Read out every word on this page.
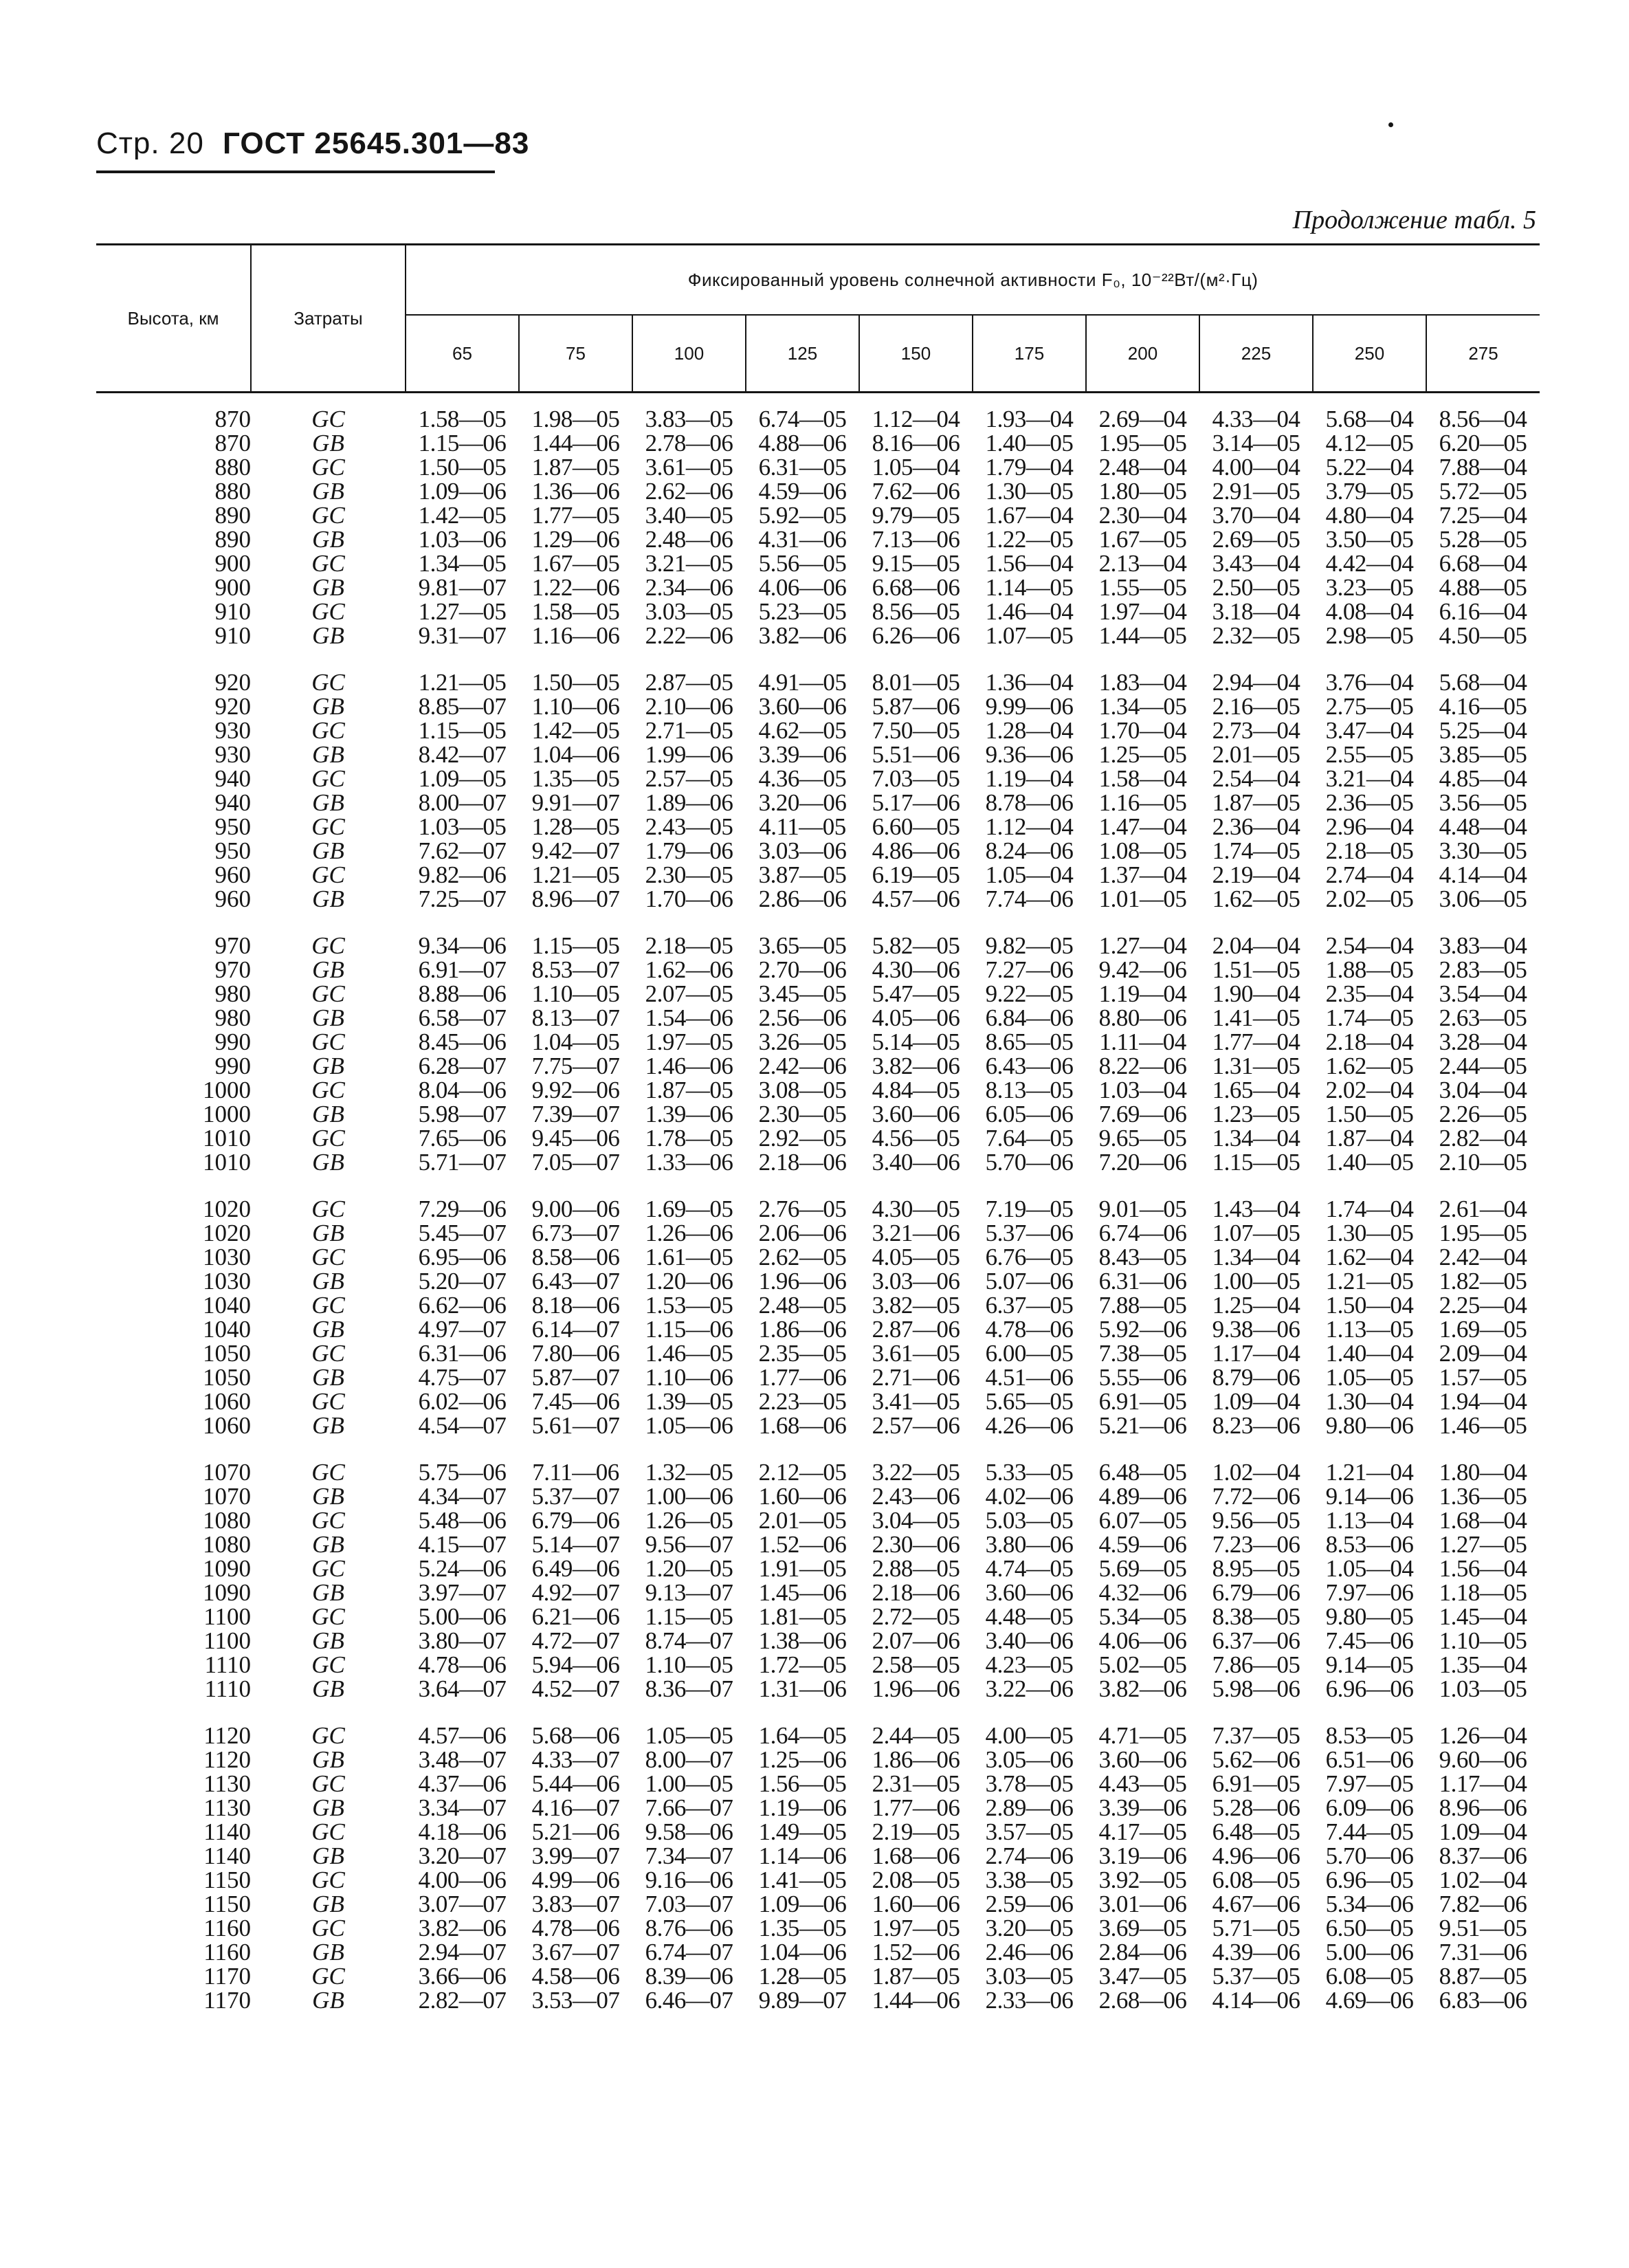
Стр. 20 ГОСТ 25645.301—83
Продолжение табл. 5
Высота, км	Затраты	Фиксированный уровень солнечной активности F₀, 10⁻²²Вт/(м²·Гц)									
		65	75	100	125	150	175	200	225	250	275

870	GC	1.58—05	1.98—05	3.83—05	6.74—05	1.12—04	1.93—04	2.69—04	4.33—04	5.68—04	8.56—04
870	GB	1.15—06	1.44—06	2.78—06	4.88—06	8.16—06	1.40—05	1.95—05	3.14—05	4.12—05	6.20—05
880	GC	1.50—05	1.87—05	3.61—05	6.31—05	1.05—04	1.79—04	2.48—04	4.00—04	5.22—04	7.88—04
880	GB	1.09—06	1.36—06	2.62—06	4.59—06	7.62—06	1.30—05	1.80—05	2.91—05	3.79—05	5.72—05
890	GC	1.42—05	1.77—05	3.40—05	5.92—05	9.79—05	1.67—04	2.30—04	3.70—04	4.80—04	7.25—04
890	GB	1.03—06	1.29—06	2.48—06	4.31—06	7.13—06	1.22—05	1.67—05	2.69—05	3.50—05	5.28—05
900	GC	1.34—05	1.67—05	3.21—05	5.56—05	9.15—05	1.56—04	2.13—04	3.43—04	4.42—04	6.68—04
900	GB	9.81—07	1.22—06	2.34—06	4.06—06	6.68—06	1.14—05	1.55—05	2.50—05	3.23—05	4.88—05
910	GC	1.27—05	1.58—05	3.03—05	5.23—05	8.56—05	1.46—04	1.97—04	3.18—04	4.08—04	6.16—04
910	GB	9.31—07	1.16—06	2.22—06	3.82—06	6.26—06	1.07—05	1.44—05	2.32—05	2.98—05	4.50—05

920	GC	1.21—05	1.50—05	2.87—05	4.91—05	8.01—05	1.36—04	1.83—04	2.94—04	3.76—04	5.68—04
920	GB	8.85—07	1.10—06	2.10—06	3.60—06	5.87—06	9.99—06	1.34—05	2.16—05	2.75—05	4.16—05
930	GC	1.15—05	1.42—05	2.71—05	4.62—05	7.50—05	1.28—04	1.70—04	2.73—04	3.47—04	5.25—04
930	GB	8.42—07	1.04—06	1.99—06	3.39—06	5.51—06	9.36—06	1.25—05	2.01—05	2.55—05	3.85—05
940	GC	1.09—05	1.35—05	2.57—05	4.36—05	7.03—05	1.19—04	1.58—04	2.54—04	3.21—04	4.85—04
940	GB	8.00—07	9.91—07	1.89—06	3.20—06	5.17—06	8.78—06	1.16—05	1.87—05	2.36—05	3.56—05
950	GC	1.03—05	1.28—05	2.43—05	4.11—05	6.60—05	1.12—04	1.47—04	2.36—04	2.96—04	4.48—04
950	GB	7.62—07	9.42—07	1.79—06	3.03—06	4.86—06	8.24—06	1.08—05	1.74—05	2.18—05	3.30—05
960	GC	9.82—06	1.21—05	2.30—05	3.87—05	6.19—05	1.05—04	1.37—04	2.19—04	2.74—04	4.14—04
960	GB	7.25—07	8.96—07	1.70—06	2.86—06	4.57—06	7.74—06	1.01—05	1.62—05	2.02—05	3.06—05

970	GC	9.34—06	1.15—05	2.18—05	3.65—05	5.82—05	9.82—05	1.27—04	2.04—04	2.54—04	3.83—04
970	GB	6.91—07	8.53—07	1.62—06	2.70—06	4.30—06	7.27—06	9.42—06	1.51—05	1.88—05	2.83—05
980	GC	8.88—06	1.10—05	2.07—05	3.45—05	5.47—05	9.22—05	1.19—04	1.90—04	2.35—04	3.54—04
980	GB	6.58—07	8.13—07	1.54—06	2.56—06	4.05—06	6.84—06	8.80—06	1.41—05	1.74—05	2.63—05
990	GC	8.45—06	1.04—05	1.97—05	3.26—05	5.14—05	8.65—05	1.11—04	1.77—04	2.18—04	3.28—04
990	GB	6.28—07	7.75—07	1.46—06	2.42—06	3.82—06	6.43—06	8.22—06	1.31—05	1.62—05	2.44—05
1000	GC	8.04—06	9.92—06	1.87—05	3.08—05	4.84—05	8.13—05	1.03—04	1.65—04	2.02—04	3.04—04
1000	GB	5.98—07	7.39—07	1.39—06	2.30—05	3.60—06	6.05—06	7.69—06	1.23—05	1.50—05	2.26—05
1010	GC	7.65—06	9.45—06	1.78—05	2.92—05	4.56—05	7.64—05	9.65—05	1.34—04	1.87—04	2.82—04
1010	GB	5.71—07	7.05—07	1.33—06	2.18—06	3.40—06	5.70—06	7.20—06	1.15—05	1.40—05	2.10—05

1020	GC	7.29—06	9.00—06	1.69—05	2.76—05	4.30—05	7.19—05	9.01—05	1.43—04	1.74—04	2.61—04
1020	GB	5.45—07	6.73—07	1.26—06	2.06—06	3.21—06	5.37—06	6.74—06	1.07—05	1.30—05	1.95—05
1030	GC	6.95—06	8.58—06	1.61—05	2.62—05	4.05—05	6.76—05	8.43—05	1.34—04	1.62—04	2.42—04
1030	GB	5.20—07	6.43—07	1.20—06	1.96—06	3.03—06	5.07—06	6.31—06	1.00—05	1.21—05	1.82—05
1040	GC	6.62—06	8.18—06	1.53—05	2.48—05	3.82—05	6.37—05	7.88—05	1.25—04	1.50—04	2.25—04
1040	GB	4.97—07	6.14—07	1.15—06	1.86—06	2.87—06	4.78—06	5.92—06	9.38—06	1.13—05	1.69—05
1050	GC	6.31—06	7.80—06	1.46—05	2.35—05	3.61—05	6.00—05	7.38—05	1.17—04	1.40—04	2.09—04
1050	GB	4.75—07	5.87—07	1.10—06	1.77—06	2.71—06	4.51—06	5.55—06	8.79—06	1.05—05	1.57—05
1060	GC	6.02—06	7.45—06	1.39—05	2.23—05	3.41—05	5.65—05	6.91—05	1.09—04	1.30—04	1.94—04
1060	GB	4.54—07	5.61—07	1.05—06	1.68—06	2.57—06	4.26—06	5.21—06	8.23—06	9.80—06	1.46—05

1070	GC	5.75—06	7.11—06	1.32—05	2.12—05	3.22—05	5.33—05	6.48—05	1.02—04	1.21—04	1.80—04
1070	GB	4.34—07	5.37—07	1.00—06	1.60—06	2.43—06	4.02—06	4.89—06	7.72—06	9.14—06	1.36—05
1080	GC	5.48—06	6.79—06	1.26—05	2.01—05	3.04—05	5.03—05	6.07—05	9.56—05	1.13—04	1.68—04
1080	GB	4.15—07	5.14—07	9.56—07	1.52—06	2.30—06	3.80—06	4.59—06	7.23—06	8.53—06	1.27—05
1090	GC	5.24—06	6.49—06	1.20—05	1.91—05	2.88—05	4.74—05	5.69—05	8.95—05	1.05—04	1.56—04
1090	GB	3.97—07	4.92—07	9.13—07	1.45—06	2.18—06	3.60—06	4.32—06	6.79—06	7.97—06	1.18—05
1100	GC	5.00—06	6.21—06	1.15—05	1.81—05	2.72—05	4.48—05	5.34—05	8.38—05	9.80—05	1.45—04
1100	GB	3.80—07	4.72—07	8.74—07	1.38—06	2.07—06	3.40—06	4.06—06	6.37—06	7.45—06	1.10—05
1110	GC	4.78—06	5.94—06	1.10—05	1.72—05	2.58—05	4.23—05	5.02—05	7.86—05	9.14—05	1.35—04
1110	GB	3.64—07	4.52—07	8.36—07	1.31—06	1.96—06	3.22—06	3.82—06	5.98—06	6.96—06	1.03—05

1120	GC	4.57—06	5.68—06	1.05—05	1.64—05	2.44—05	4.00—05	4.71—05	7.37—05	8.53—05	1.26—04
1120	GB	3.48—07	4.33—07	8.00—07	1.25—06	1.86—06	3.05—06	3.60—06	5.62—06	6.51—06	9.60—06
1130	GC	4.37—06	5.44—06	1.00—05	1.56—05	2.31—05	3.78—05	4.43—05	6.91—05	7.97—05	1.17—04
1130	GB	3.34—07	4.16—07	7.66—07	1.19—06	1.77—06	2.89—06	3.39—06	5.28—06	6.09—06	8.96—06
1140	GC	4.18—06	5.21—06	9.58—06	1.49—05	2.19—05	3.57—05	4.17—05	6.48—05	7.44—05	1.09—04
1140	GB	3.20—07	3.99—07	7.34—07	1.14—06	1.68—06	2.74—06	3.19—06	4.96—06	5.70—06	8.37—06
1150	GC	4.00—06	4.99—06	9.16—06	1.41—05	2.08—05	3.38—05	3.92—05	6.08—05	6.96—05	1.02—04
1150	GB	3.07—07	3.83—07	7.03—07	1.09—06	1.60—06	2.59—06	3.01—06	4.67—06	5.34—06	7.82—06
1160	GC	3.82—06	4.78—06	8.76—06	1.35—05	1.97—05	3.20—05	3.69—05	5.71—05	6.50—05	9.51—05
1160	GB	2.94—07	3.67—07	6.74—07	1.04—06	1.52—06	2.46—06	2.84—06	4.39—06	5.00—06	7.31—06
1170	GC	3.66—06	4.58—06	8.39—06	1.28—05	1.87—05	3.03—05	3.47—05	5.37—05	6.08—05	8.87—05
1170	GB	2.82—07	3.53—07	6.46—07	9.89—07	1.44—06	2.33—06	2.68—06	4.14—06	4.69—06	6.83—06
